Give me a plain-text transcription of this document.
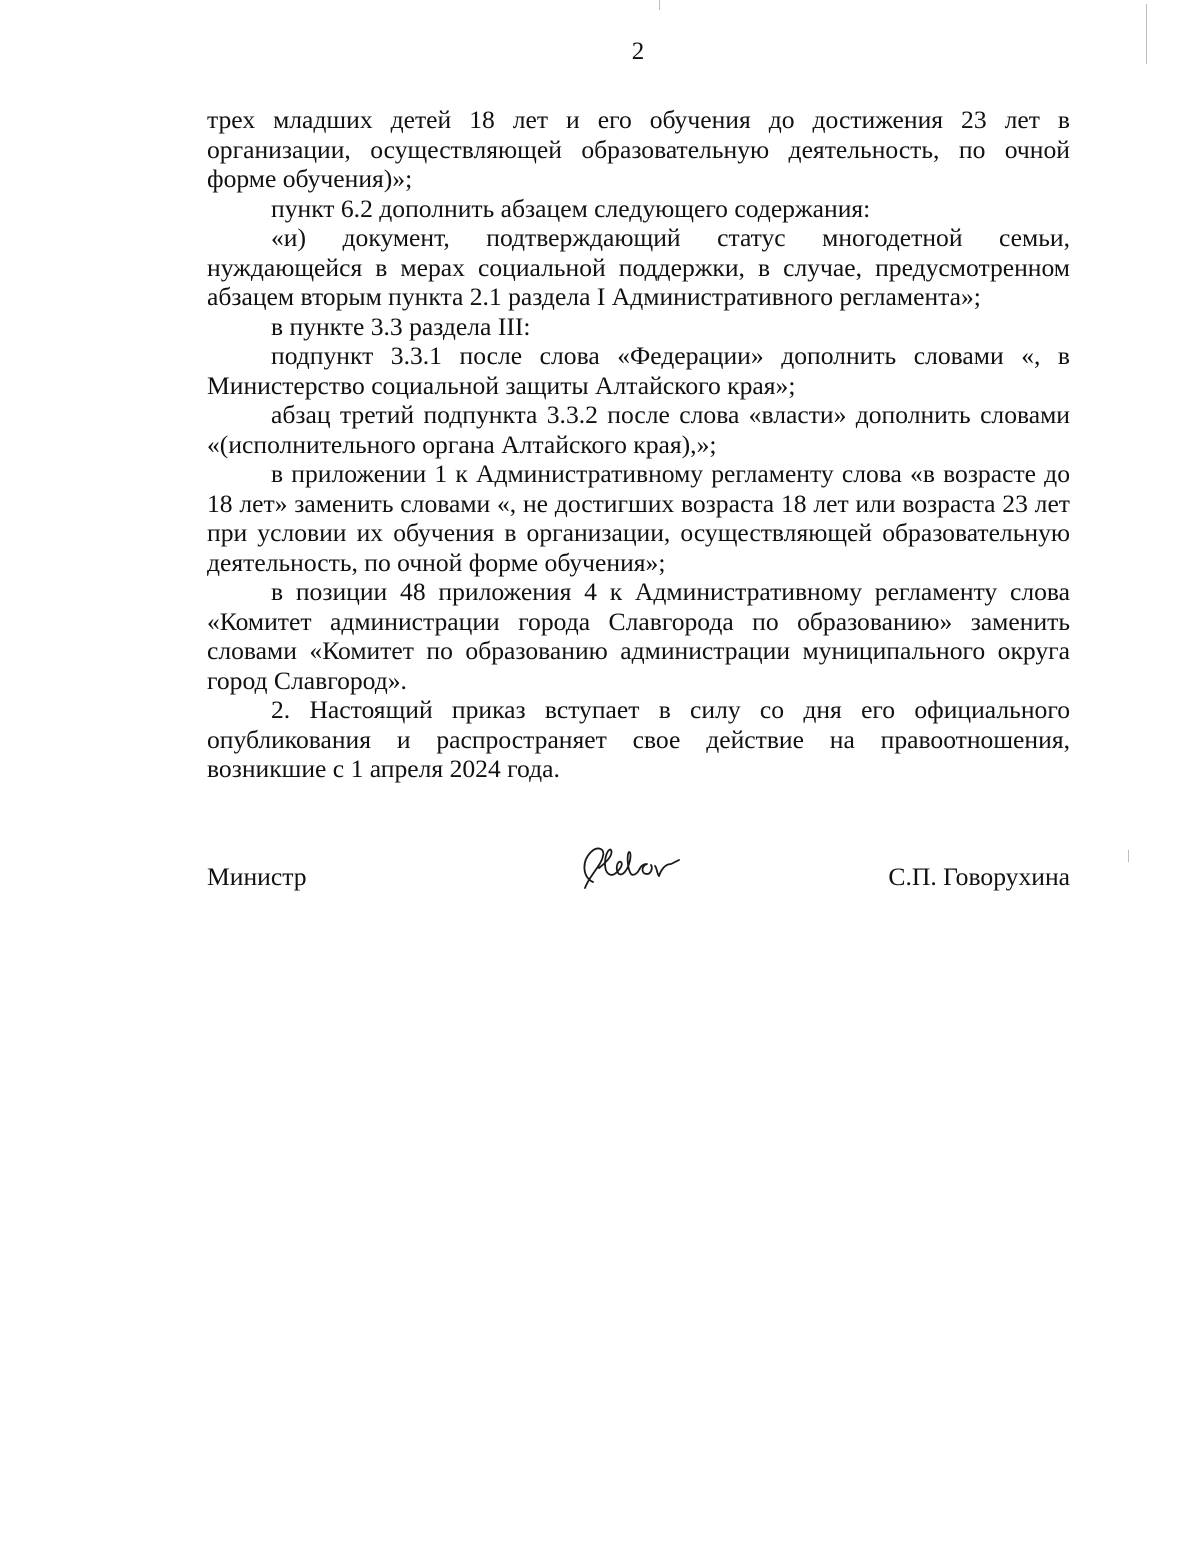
2

трех младших детей 18 лет и его обучения до достижения 23 лет в организации, осуществляющей образовательную деятельность, по очной форме обучения)»;

пункт 6.2 дополнить абзацем следующего содержания:

«и) документ, подтверждающий статус многодетной семьи, нуждающейся в мерах социальной поддержки, в случае, предусмотренном абзацем вторым пункта 2.1 раздела I Административного регламента»;

в пункте 3.3 раздела III:

подпункт 3.3.1 после слова «Федерации» дополнить словами «, в Министерство социальной защиты Алтайского края»;

абзац третий подпункта 3.3.2 после слова «власти» дополнить словами «(исполнительного органа Алтайского края),»;

в приложении 1 к Административному регламенту слова «в возрасте до 18 лет» заменить словами «, не достигших возраста 18 лет или возраста 23 лет при условии их обучения в организации, осуществляющей образовательную деятельность, по очной форме обучения»;

в позиции 48 приложения 4 к Административному регламенту слова «Комитет администрации города Славгорода по образованию» заменить словами «Комитет по образованию администрации муниципального округа город Славгород».

2. Настоящий приказ вступает в силу со дня его официального опубликования и распространяет свое действие на правоотношения, возникшие с 1 апреля 2024 года.

Министр	С.П. Говорухина
